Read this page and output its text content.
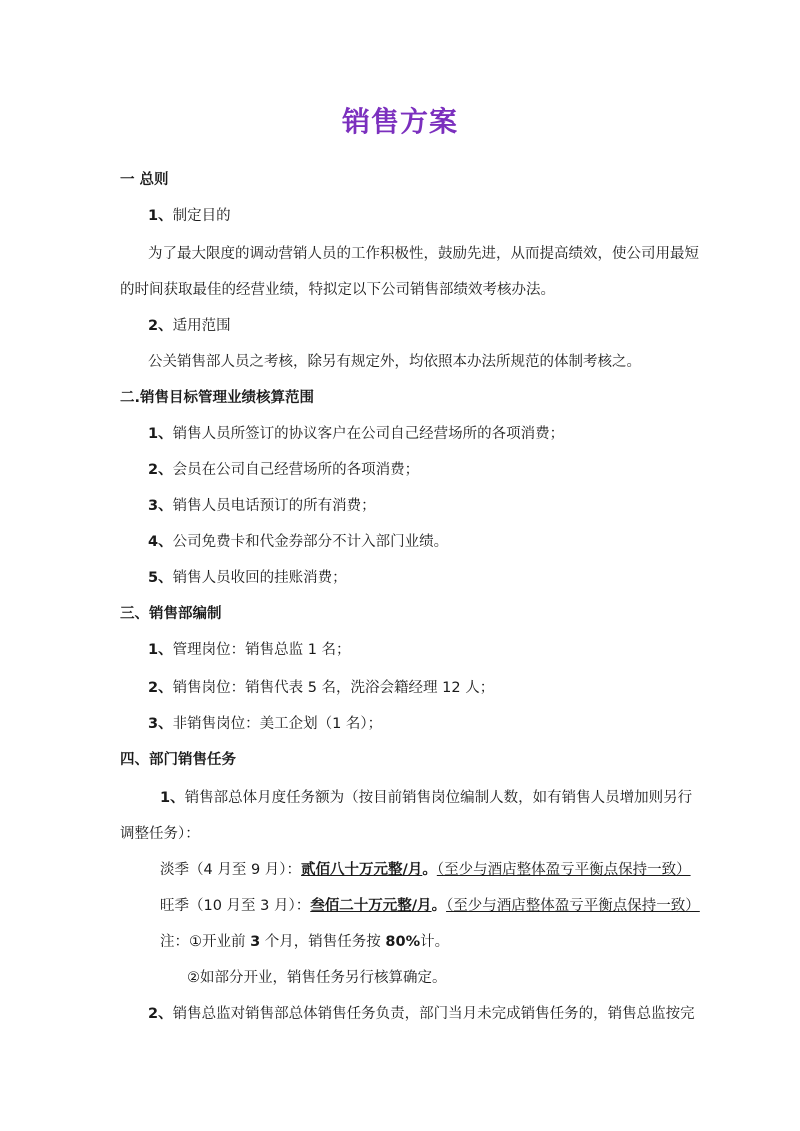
销售方案
一 总则
1、制定目的
为了最大限度的调动营销人员的工作积极性，鼓励先进，从而提高绩效，使公司用最短
的时间获取最佳的经营业绩，特拟定以下公司销售部绩效考核办法。
2、适用范围
公关销售部人员之考核，除另有规定外，均依照本办法所规范的体制考核之。
二.销售目标管理业绩核算范围
1、销售人员所签订的协议客户在公司自己经营场所的各项消费；
2、会员在公司自己经营场所的各项消费；
3、销售人员电话预订的所有消费；
4、公司免费卡和代金券部分不计入部门业绩。
5、销售人员收回的挂账消费；
三、销售部编制
1、管理岗位：销售总监 1 名；
2、销售岗位：销售代表 5 名，洗浴会籍经理 12 人；
3、非销售岗位：美工企划（1 名）；
四、部门销售任务
1、销售部总体月度任务额为（按目前销售岗位编制人数，如有销售人员增加则另行
调整任务）：
淡季（4 月至 9 月）：贰佰八十万元整/月。（至少与酒店整体盈亏平衡点保持一致）
旺季（10 月至 3 月）：叁佰二十万元整/月。（至少与酒店整体盈亏平衡点保持一致）
注：①开业前 3 个月，销售任务按 80%计。
②如部分开业，销售任务另行核算确定。
2、销售总监对销售部总体销售任务负责，部门当月未完成销售任务的，销售总监按完
